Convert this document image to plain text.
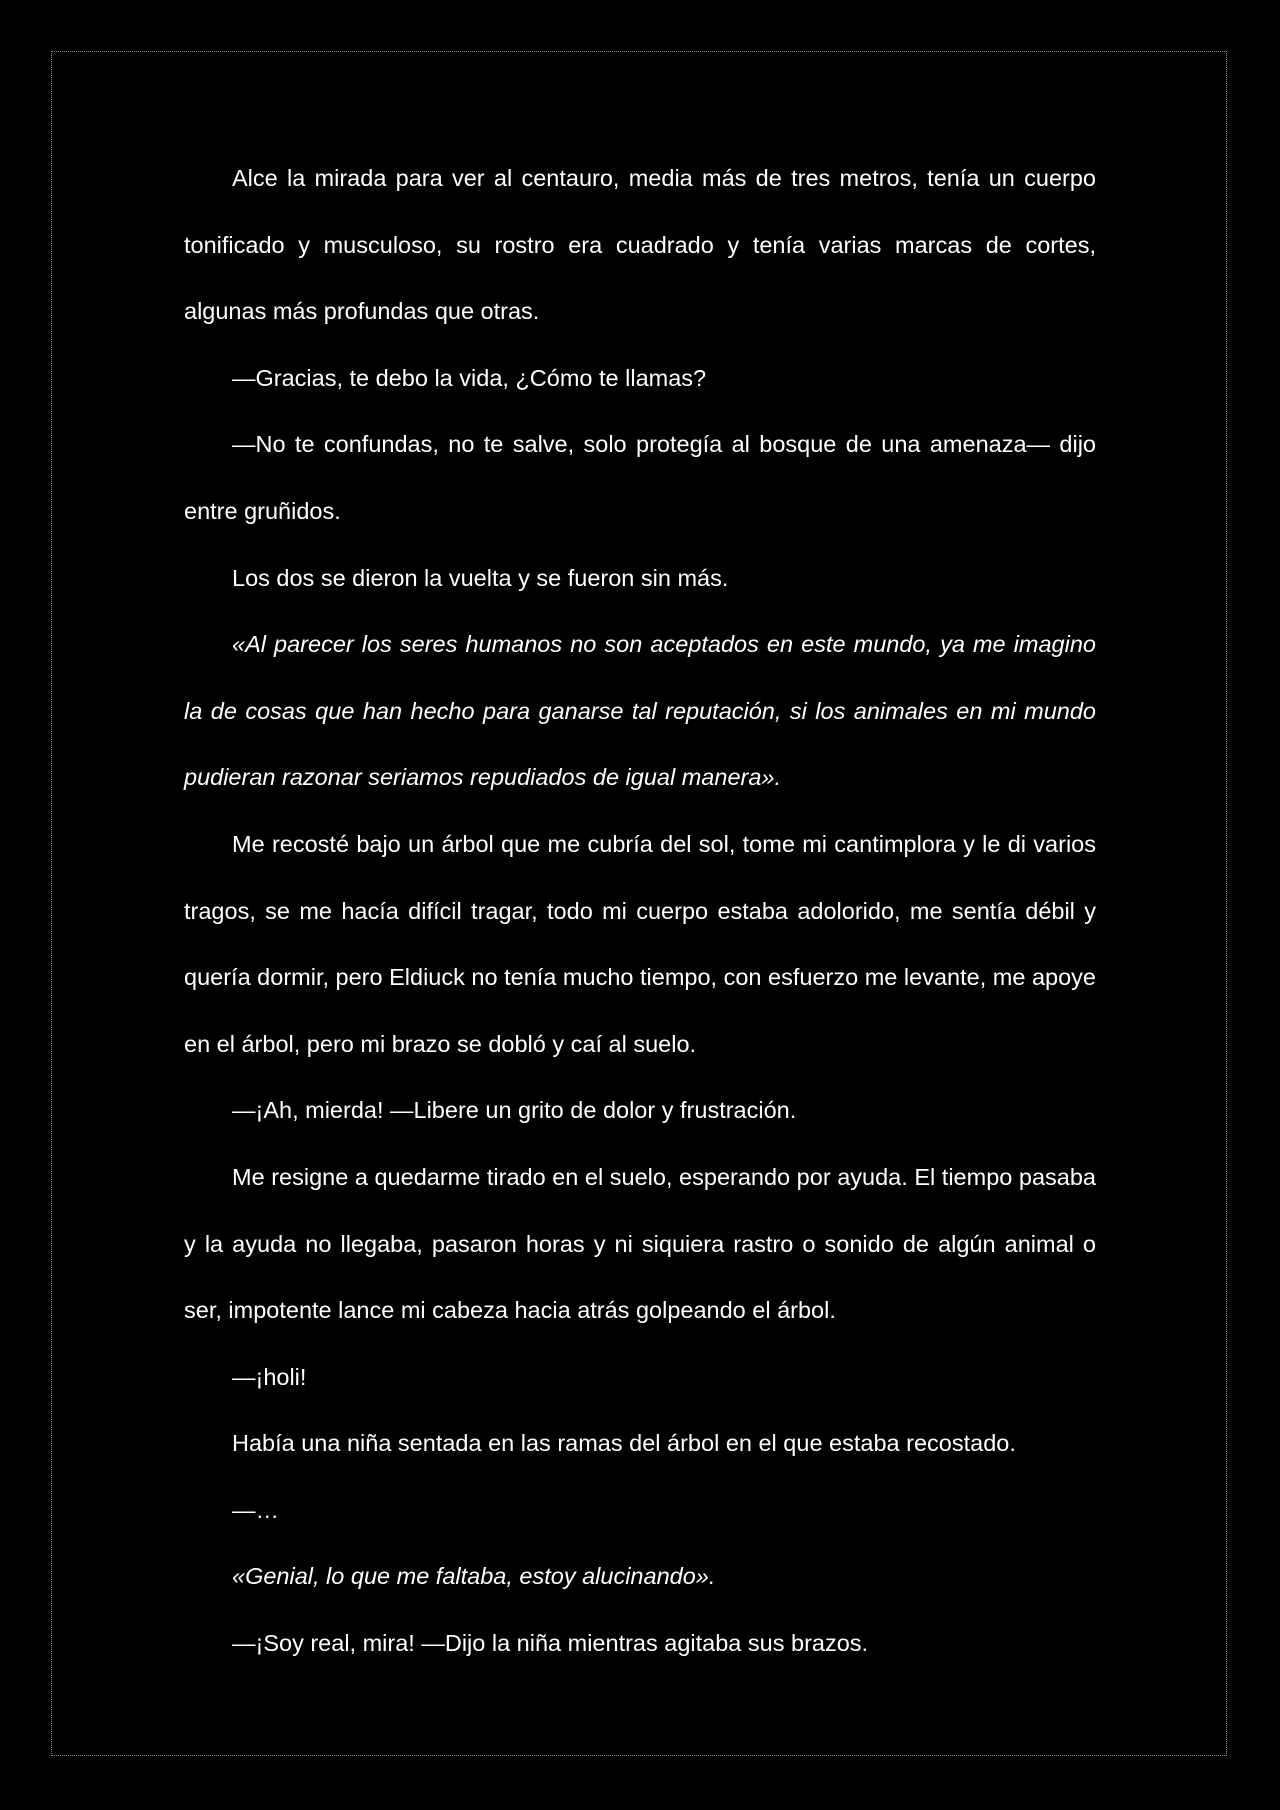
Alce la mirada para ver al centauro, media más de tres metros, tenía un cuerpo tonificado y musculoso, su rostro era cuadrado y tenía varias marcas de cortes, algunas más profundas que otras.

—Gracias, te debo la vida, ¿Cómo te llamas?

—No te confundas, no te salve, solo protegía al bosque de una amenaza— dijo entre gruñidos.

Los dos se dieron la vuelta y se fueron sin más.

«Al parecer los seres humanos no son aceptados en este mundo, ya me imagino la de cosas que han hecho para ganarse tal reputación, si los animales en mi mundo pudieran razonar seriamos repudiados de igual manera».

Me recosté bajo un árbol que me cubría del sol, tome mi cantimplora y le di varios tragos, se me hacía difícil tragar, todo mi cuerpo estaba adolorido, me sentía débil y quería dormir, pero Eldiuck no tenía mucho tiempo, con esfuerzo me levante, me apoye en el árbol, pero mi brazo se dobló y caí al suelo.

—¡Ah, mierda! —Libere un grito de dolor y frustración.

Me resigne a quedarme tirado en el suelo, esperando por ayuda. El tiempo pasaba y la ayuda no llegaba, pasaron horas y ni siquiera rastro o sonido de algún animal o ser, impotente lance mi cabeza hacia atrás golpeando el árbol.

—¡holi!

Había una niña sentada en las ramas del árbol en el que estaba recostado.

—…

«Genial, lo que me faltaba, estoy alucinando».

—¡Soy real, mira! —Dijo la niña mientras agitaba sus brazos.
